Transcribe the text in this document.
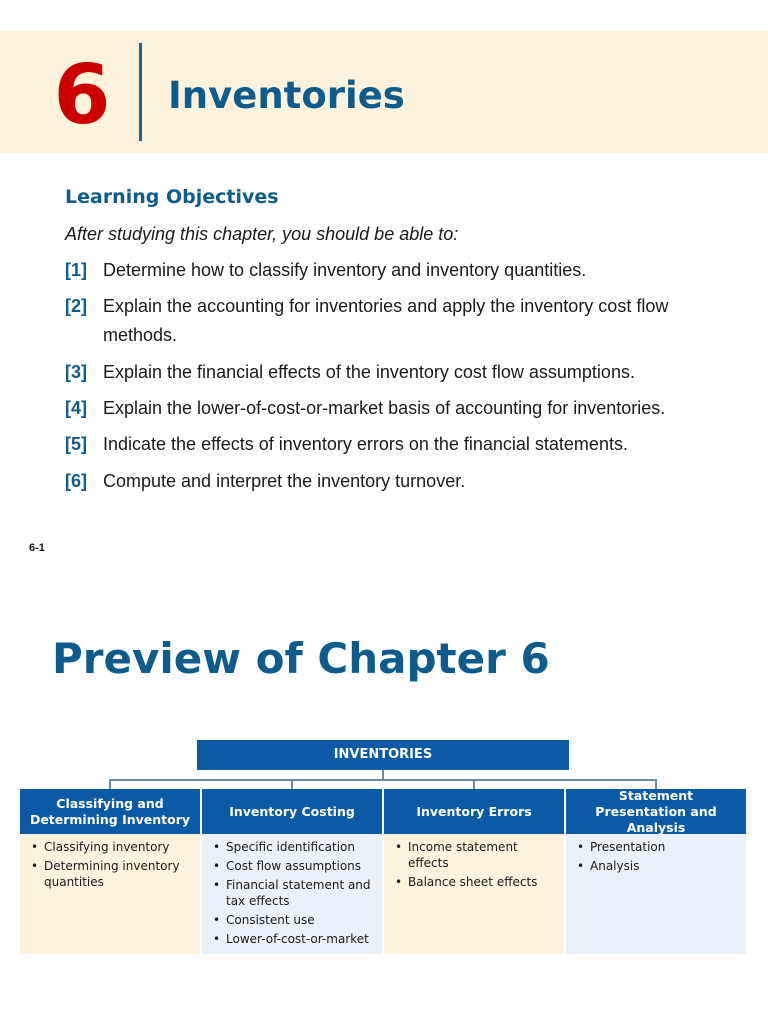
6 Inventories
Learning Objectives
After studying this chapter, you should be able to:
[1] Determine how to classify inventory and inventory quantities.
[2] Explain the accounting for inventories and apply the inventory cost flow methods.
[3] Explain the financial effects of the inventory cost flow assumptions.
[4] Explain the lower-of-cost-or-market basis of accounting for inventories.
[5] Indicate the effects of inventory errors on the financial statements.
[6] Compute and interpret the inventory turnover.
6-1
Preview of Chapter 6
INVENTORIES
Classifying and Determining Inventory
• Classifying inventory
• Determining inventory quantities
Inventory Costing
• Specific identification
• Cost flow assumptions
• Financial statement and tax effects
• Consistent use
• Lower-of-cost-or-market
Inventory Errors
• Income statement effects
• Balance sheet effects
Statement Presentation and Analysis
• Presentation
• Analysis
